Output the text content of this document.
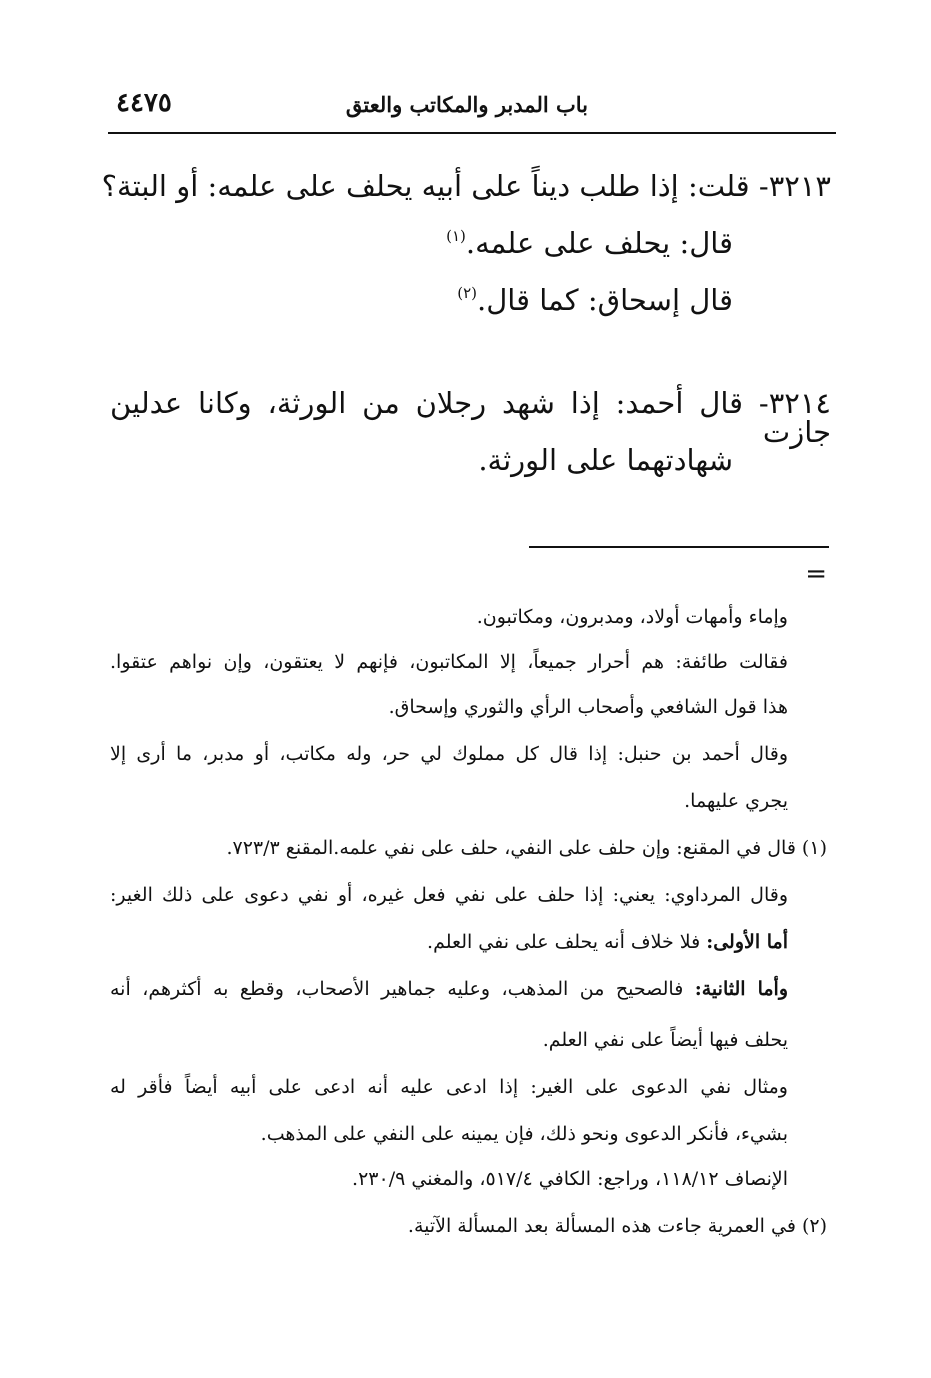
باب المدبر والمكاتب والعتق
٤٤٧٥
٣٢١٣- قلت: إذا طلب ديناً على أبيه يحلف على علمه: أو البتة؟
قال: يحلف على علمه.$^{(١)}$
قال إسحاق: كما قال.$^{(٢)}$
٣٢١٤- قال أحمد: إذا شهد رجلان من الورثة، وكانا عدلين جازت
شهادتهما على الورثة.
=
وإماء وأمهات أولاد، ومدبرون، ومكاتبون.
فقالت طائفة: هم أحرار جميعاً، إلا المكاتبون، فإنهم لا يعتقون، وإن نواهم عتقوا.
هذا قول الشافعي وأصحاب الرأي والثوري وإسحاق.
وقال أحمد بن حنبل: إذا قال كل مملوك لي حر، وله مكاتب، أو مدبر، ما أرى إلا
يجري عليهما.
(١) قال في المقنع: وإن حلف على النفي، حلف على نفي علمه.المقنع ٧٢٣/٣.
وقال المرداوي: يعني: إذا حلف على نفي فعل غيره، أو نفي دعوى على ذلك الغير:
أما الأولى: فلا خلاف أنه يحلف على نفي العلم.
وأما الثانية: فالصحيح من المذهب، وعليه جماهير الأصحاب، وقطع به أكثرهم، أنه
يحلف فيها أيضاً على نفي العلم.
ومثال نفي الدعوى على الغير: إذا ادعى عليه أنه ادعى على أبيه أيضاً فأقر له
بشيء، فأنكر الدعوى ونحو ذلك، فإن يمينه على النفي على المذهب.
الإنصاف ١١٨/١٢، وراجع: الكافي ٥١٧/٤، والمغني ٢٣٠/٩.
(٢) في العمرية جاءت هذه المسألة بعد المسألة الآتية.
